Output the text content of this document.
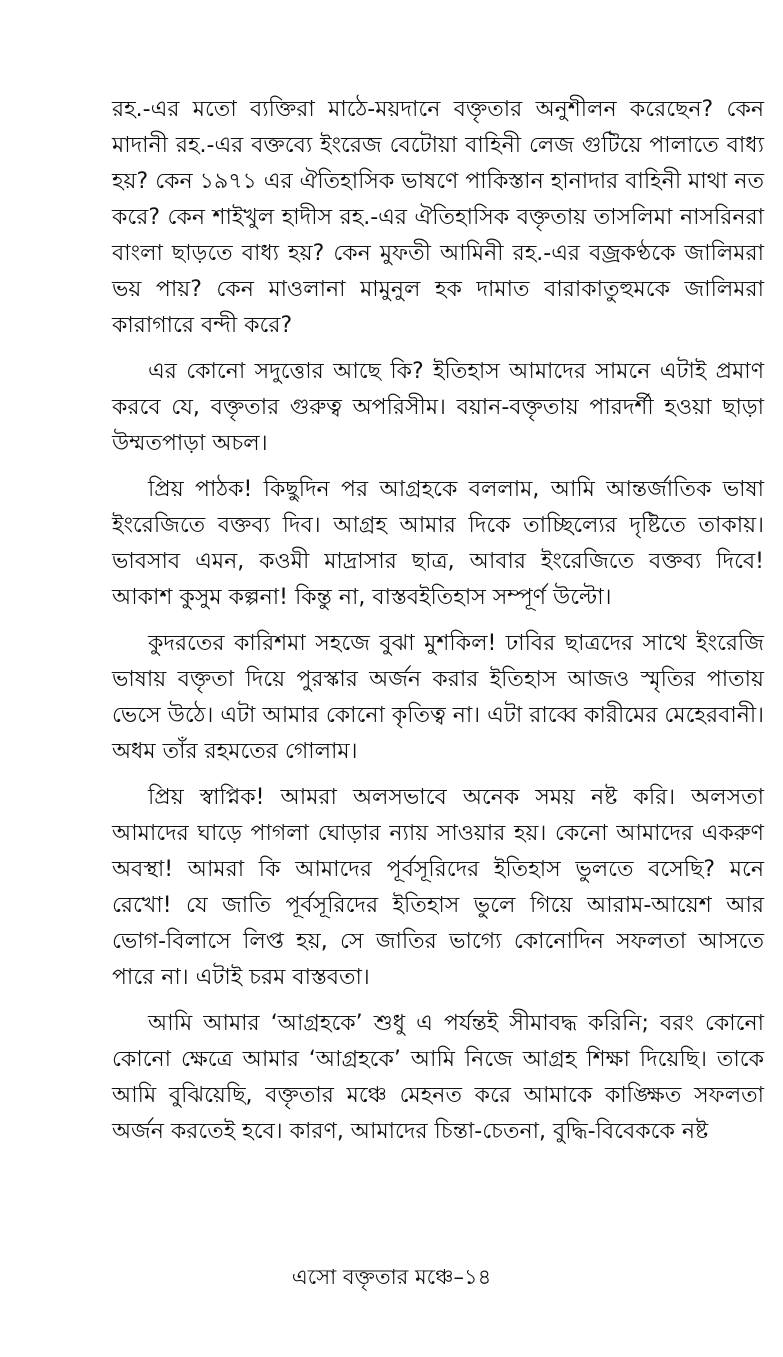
রহ.-এর মতো ব্যক্তিরা মাঠে-ময়দানে বক্তৃতার অনুশীলন করেছেন? কেন মাদানী রহ.-এর বক্তব্যে ইংরেজ বেটোয়া বাহিনী লেজ গুটিয়ে পালাতে বাধ্য হয়? কেন ১৯৭১ এর ঐতিহাসিক ভাষণে পাকিস্তান হানাদার বাহিনী মাথা নত করে? কেন শাইখুল হাদীস রহ.-এর ঐতিহাসিক বক্তৃতায় তাসলিমা নাসরিনরা বাংলা ছাড়তে বাধ্য হয়? কেন মুফতী আমিনী রহ.-এর বজ্রকণ্ঠকে জালিমরা ভয় পায়? কেন মাওলানা মামুনুল হক দামাত বারাকাতুহুমকে জালিমরা কারাগারে বন্দী করে?

এর কোনো সদুত্তোর আছে কি? ইতিহাস আমাদের সামনে এটাই প্রমাণ করবে যে, বক্তৃতার গুরুত্ব অপরিসীম। বয়ান-বক্তৃতায় পারদর্শী হওয়া ছাড়া উম্মতপাড়া অচল।

প্রিয় পাঠক! কিছুদিন পর আগ্রহকে বললাম, আমি আন্তর্জাতিক ভাষা ইংরেজিতে বক্তব্য দিব। আগ্রহ আমার দিকে তাচ্ছিল্যের দৃষ্টিতে তাকায়। ভাবসাব এমন, কওমী মাদ্রাসার ছাত্র, আবার ইংরেজিতে বক্তব্য দিবে! আকাশ কুসুম কল্পনা! কিন্তু না, বাস্তবইতিহাস সম্পূর্ণ উল্টো।

কুদরতের কারিশমা সহজে বুঝা মুশকিল! ঢাবির ছাত্রদের সাথে ইংরেজি ভাষায় বক্তৃতা দিয়ে পুরস্কার অর্জন করার ইতিহাস আজও স্মৃতির পাতায় ভেসে উঠে। এটা আমার কোনো কৃতিত্ব না। এটা রাব্বে কারীমের মেহেরবানী। অধম তাঁর রহমতের গোলাম।

প্রিয় স্বাপ্নিক! আমরা অলসভাবে অনেক সময় নষ্ট করি। অলসতা আমাদের ঘাড়ে পাগলা ঘোড়ার ন্যায় সাওয়ার হয়। কেনো আমাদের একরুণ অবস্থা! আমরা কি আমাদের পূর্বসূরিদের ইতিহাস ভুলতে বসেছি? মনে রেখো! যে জাতি পূর্বসূরিদের ইতিহাস ভুলে গিয়ে আরাম-আয়েশ আর ভোগ-বিলাসে লিপ্ত হয়, সে জাতির ভাগ্যে কোনোদিন সফলতা আসতে পারে না। এটাই চরম বাস্তবতা।

আমি আমার ‘আগ্রহকে’ শুধু এ পর্যন্তই সীমাবদ্ধ করিনি; বরং কোনো কোনো ক্ষেত্রে আমার ‘আগ্রহকে’ আমি নিজে আগ্রহ শিক্ষা দিয়েছি। তাকে আমি বুঝিয়েছি, বক্তৃতার মঞ্চে মেহনত করে আমাকে কাঙ্ক্ষিত সফলতা অর্জন করতেই হবে। কারণ, আমাদের চিন্তা-চেতনা, বুদ্ধি-বিবেককে নষ্ট

এসো বক্তৃতার মঞ্চে–১৪
